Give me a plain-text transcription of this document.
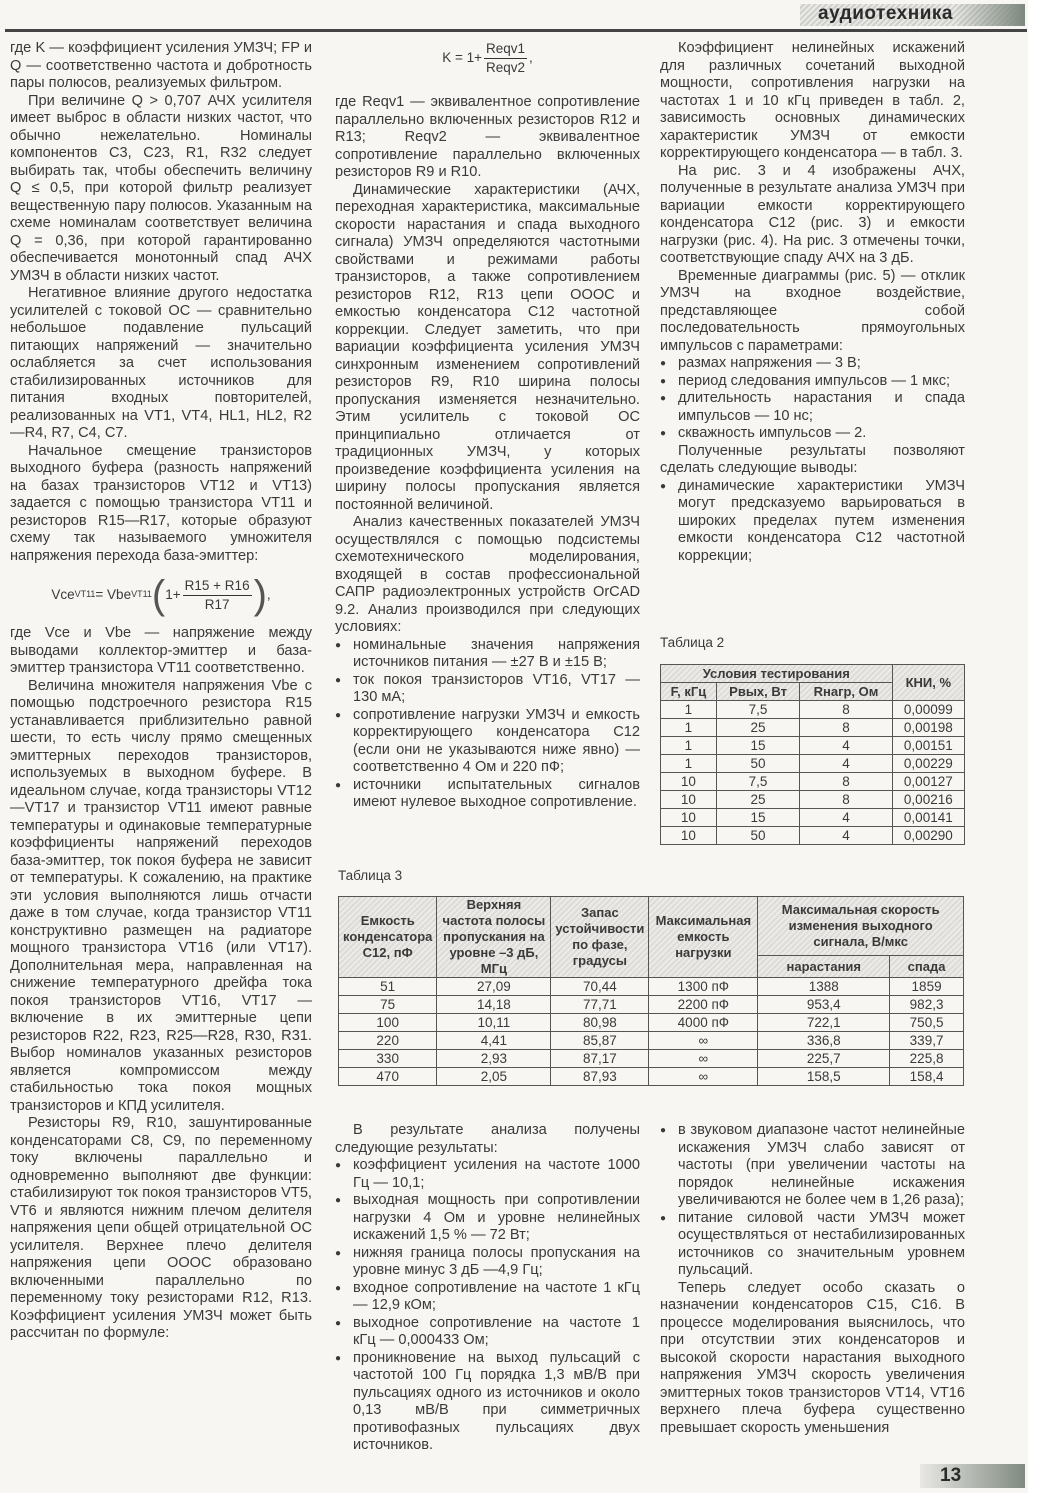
аудиотехника

где K — коэффициент усиления УМЗЧ; FP и Q — соответственно частота и добротность пары полюсов, реализуемых фильтром.

При величине Q > 0,707 АЧХ усилителя имеет выброс в области низких частот, что обычно нежелательно. Номиналы компонентов C3, C23, R1, R32 следует выбирать так, чтобы обеспечить величину Q ≤ 0,5, при которой фильтр реализует вещественную пару полюсов. Указанным на схеме номиналам соответствует величина Q = 0,36, при которой гарантированно обеспечивается монотонный спад АЧХ УМЗЧ в области низких частот.

Негативное влияние другого недостатка усилителей с токовой ОС — сравнительно небольшое подавление пульсаций питающих напряжений — значительно ослабляется за счет использования стабилизированных источников для питания входных повторителей, реализованных на VT1, VT4, HL1, HL2, R2—R4, R7, C4, C7.

Начальное смещение транзисторов выходного буфера (разность напряжений на базах транзисторов VT12 и VT13) задается с помощью транзистора VT11 и резисторов R15—R17, которые образуют схему так называемого умножителя напряжения перехода база-эмиттер:

Vce VT11 = Vbe VT11 ( $1+ \frac{R15 + R16}{R17}$ ) ,

где Vce и Vbe — напряжение между выводами коллектор-эмиттер и база-эмиттер транзистора VT11 соответственно.

Величина множителя напряжения Vbe с помощью подстроечного резистора R15 устанавливается приблизительно равной шести, то есть числу прямо смещенных эмиттерных переходов транзисторов, используемых в выходном буфере. В идеальном случае, когда транзисторы VT12—VT17 и транзистор VT11 имеют равные температуры и одинаковые температурные коэффициенты напряжений переходов база-эмиттер, ток покоя буфера не зависит от температуры. К сожалению, на практике эти условия выполняются лишь отчасти даже в том случае, когда транзистор VT11 конструктивно размещен на радиаторе мощного транзистора VT16 (или VT17). Дополнительная мера, направленная на снижение температурного дрейфа тока покоя транзисторов VT16, VT17 — включение в их эмиттерные цепи резисторов R22, R23, R25—R28, R30, R31. Выбор номиналов указанных резисторов является компромиссом между стабильностью тока покоя мощных транзисторов и КПД усилителя.

Резисторы R9, R10, зашунтированные конденсаторами C8, C9, по переменному току включены параллельно и одновременно выполняют две функции: стабилизируют ток покоя транзисторов VT5, VT6 и являются нижним плечом делителя напряжения цепи общей отрицательной ОС усилителя. Верхнее плечо делителя напряжения цепи ОООС образовано включенными параллельно по переменному току резисторами R12, R13. Коэффициент усиления УМЗЧ может быть рассчитан по формуле:

$K = 1+ \frac{\text{Reqv1}}{\text{Reqv2}}$ ,

где Reqv1 — эквивалентное сопротивление параллельно включенных резисторов R12 и R13; Reqv2 — эквивалентное сопротивление параллельно включенных резисторов R9 и R10.

Динамические характеристики (АЧХ, переходная характеристика, максимальные скорости нарастания и спада выходного сигнала) УМЗЧ определяются частотными свойствами и режимами работы транзисторов, а также сопротивлением резисторов R12, R13 цепи ОООС и емкостью конденсатора C12 частотной коррекции. Следует заметить, что при вариации коэффициента усиления УМЗЧ синхронным изменением сопротивлений резисторов R9, R10 ширина полосы пропускания изменяется незначительно. Этим усилитель с токовой ОС принципиально отличается от традиционных УМЗЧ, у которых произведение коэффициента усиления на ширину полосы пропускания является постоянной величиной.

Анализ качественных показателей УМЗЧ осуществлялся с помощью подсистемы схемотехнического моделирования, входящей в состав профессиональной САПР радиоэлектронных устройств OrCAD 9.2. Анализ производился при следующих условиях:

● номинальные значения напряжения источников питания — ±27 В и ±15 В;
● ток покоя транзисторов VT16, VT17 — 130 мА;
● сопротивление нагрузки УМЗЧ и емкость корректирующего конденсатора C12 (если они не указываются ниже явно) — соответственно 4 Ом и 220 пФ;
● источники испытательных сигналов имеют нулевое выходное сопротивление.

Коэффициент нелинейных искажений для различных сочетаний выходной мощности, сопротивления нагрузки на частотах 1 и 10 кГц приведен в табл. 2, зависимость основных динамических характеристик УМЗЧ от емкости корректирующего конденсатора — в табл. 3.

На рис. 3 и 4 изображены АЧХ, полученные в результате анализа УМЗЧ при вариации емкости корректирующего конденсатора C12 (рис. 3) и емкости нагрузки (рис. 4). На рис. 3 отмечены точки, соответствующие спаду АЧХ на 3 дБ.

Временные диаграммы (рис. 5) — отклик УМЗЧ на входное воздействие, представляющее собой последовательность прямоугольных импульсов с параметрами:

● размах напряжения — 3 В;
● период следования импульсов — 1 мкс;
● длительность нарастания и спада импульсов — 10 нс;
● скважность импульсов — 2.

Полученные результаты позволяют сделать следующие выводы:

● динамические характеристики УМЗЧ могут предсказуемо варьироваться в широких пределах путем изменения емкости конденсатора C12 частотной коррекции;
Таблица 2
Условия тестирования			КНИ, %
F, кГц	Pвых, Вт	Rнагр, Ом	
1	7,5	8	0,00099
1	25	8	0,00198
1	15	4	0,00151
1	50	4	0,00229
10	7,5	8	0,00127
10	25	8	0,00216
10	15	4	0,00141
10	50	4	0,00290
Таблица 3
Емкость конденсатора C12, пФ	Верхняя частота полосы пропускания на уровне –3 дБ, МГц	Запас устойчивости по фазе, градусы	Максимальная емкость нагрузки	Максимальная скорость изменения выходного сигнала, В/мкс	
				нарастания	спада
51	27,09	70,44	1300 пФ	1388	1859
75	14,18	77,71	2200 пФ	953,4	982,3
100	10,11	80,98	4000 пФ	722,1	750,5
220	4,41	85,87	∞	336,8	339,7
330	2,93	87,17	∞	225,7	225,8
470	2,05	87,93	∞	158,5	158,4

В результате анализа получены следующие результаты:

● коэффициент усиления на частоте 1000 Гц — 10,1;
● выходная мощность при сопротивлении нагрузки 4 Ом и уровне нелинейных искажений 1,5 % — 72 Вт;
● нижняя граница полосы пропускания на уровне минус 3 дБ —4,9 Гц;
● входное сопротивление на частоте 1 кГц — 12,9 кОм;
● выходное сопротивление на частоте 1 кГц — 0,000433 Ом;
● проникновение на выход пульсаций с частотой 100 Гц порядка 1,3 мВ/В при пульсациях одного из источников и около 0,13 мВ/В при симметричных противофазных пульсациях двух источников.
● в звуковом диапазоне частот нелинейные искажения УМЗЧ слабо зависят от частоты (при увеличении частоты на порядок нелинейные искажения увеличиваются не более чем в 1,26 раза);
● питание силовой части УМЗЧ может осуществляться от нестабилизированных источников со значительным уровнем пульсаций.

Теперь следует особо сказать о назначении конденсаторов C15, C16. В процессе моделирования выяснилось, что при отсутствии этих конденсаторов и высокой скорости нарастания выходного напряжения УМЗЧ скорость увеличения эмиттерных токов транзисторов VT14, VT16 верхнего плеча буфера существенно превышает скорость уменьшения

13
